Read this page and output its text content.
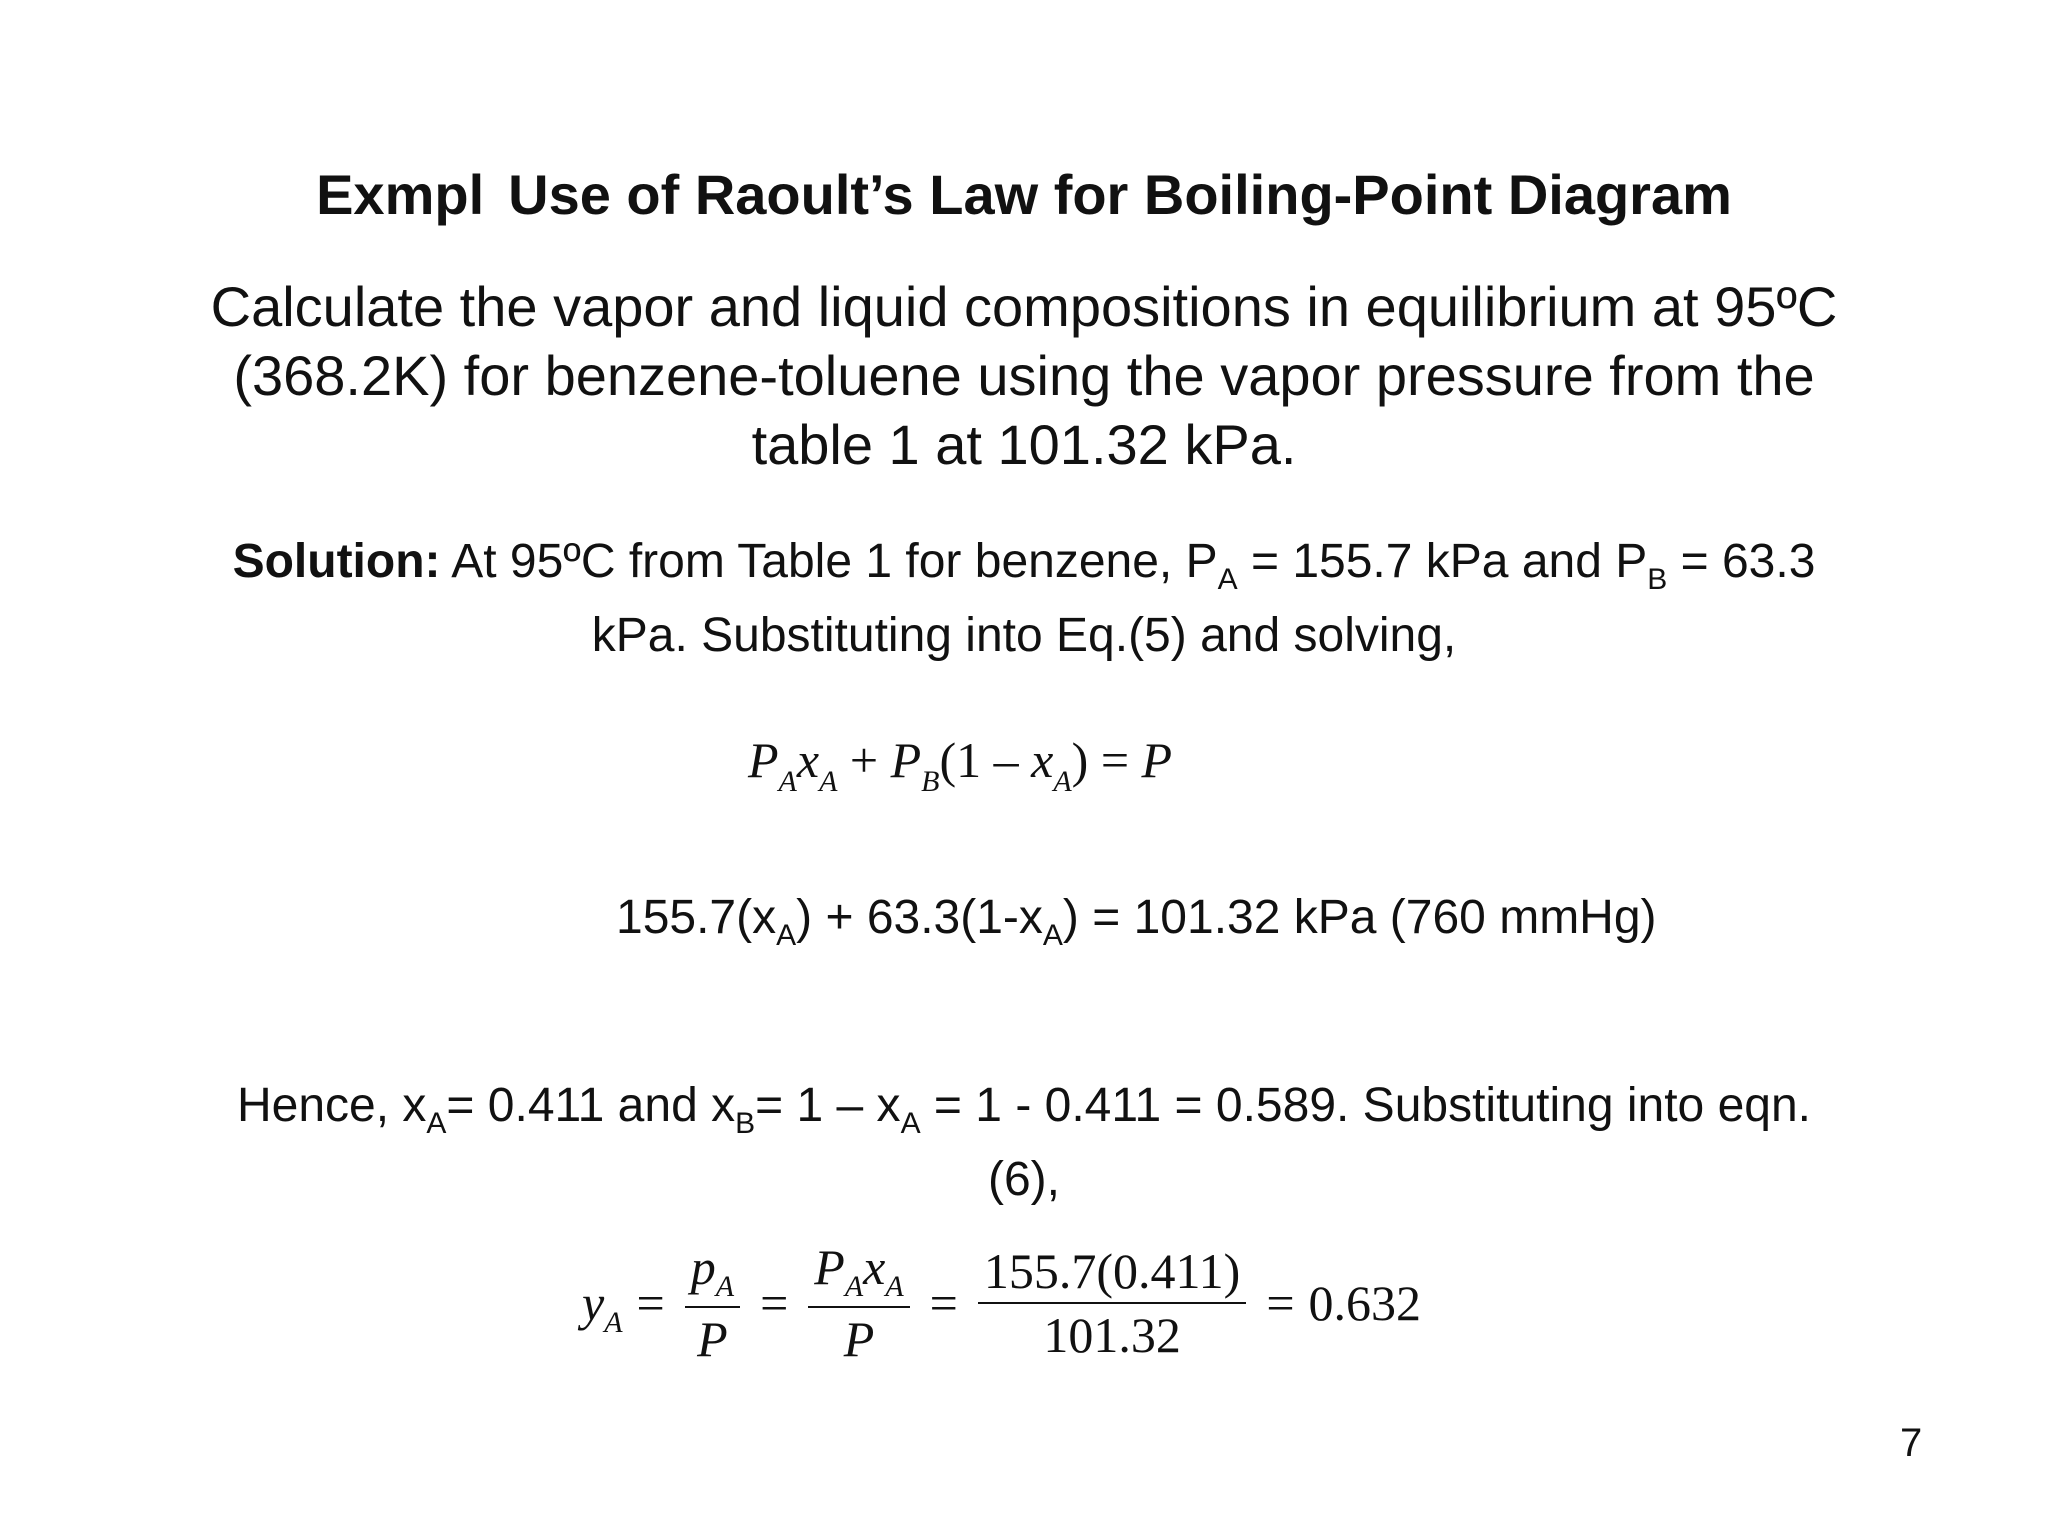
Exmpl Use of Raoult’s Law for Boiling-Point Diagram
Calculate the vapor and liquid compositions in equilibrium at 95ºC
(368.2K) for benzene-toluene using the vapor pressure from the
table 1 at 101.32 kPa.
Solution: At 95ºC from Table 1 for benzene, $P_A = 155.7$ kPa and $P_B = 63.3$
kPa. Substituting into Eq.(5) and solving,
$P_Ax_A + P_B(1 - x_A) = P$
$155.7(x_A) + 63.3(1-x_A) = 101.32$ kPa (760 mmHg)
Hence, $x_A= 0.411$ and $x_B= 1 - x_A = 1 - 0.411 = 0.589$. Substituting into eqn.
(6),
$y_A = \frac{p_A}{P} = \frac{P_Ax_A}{P} = \frac{155.7(0.411)}{101.32} = 0.632$
7
